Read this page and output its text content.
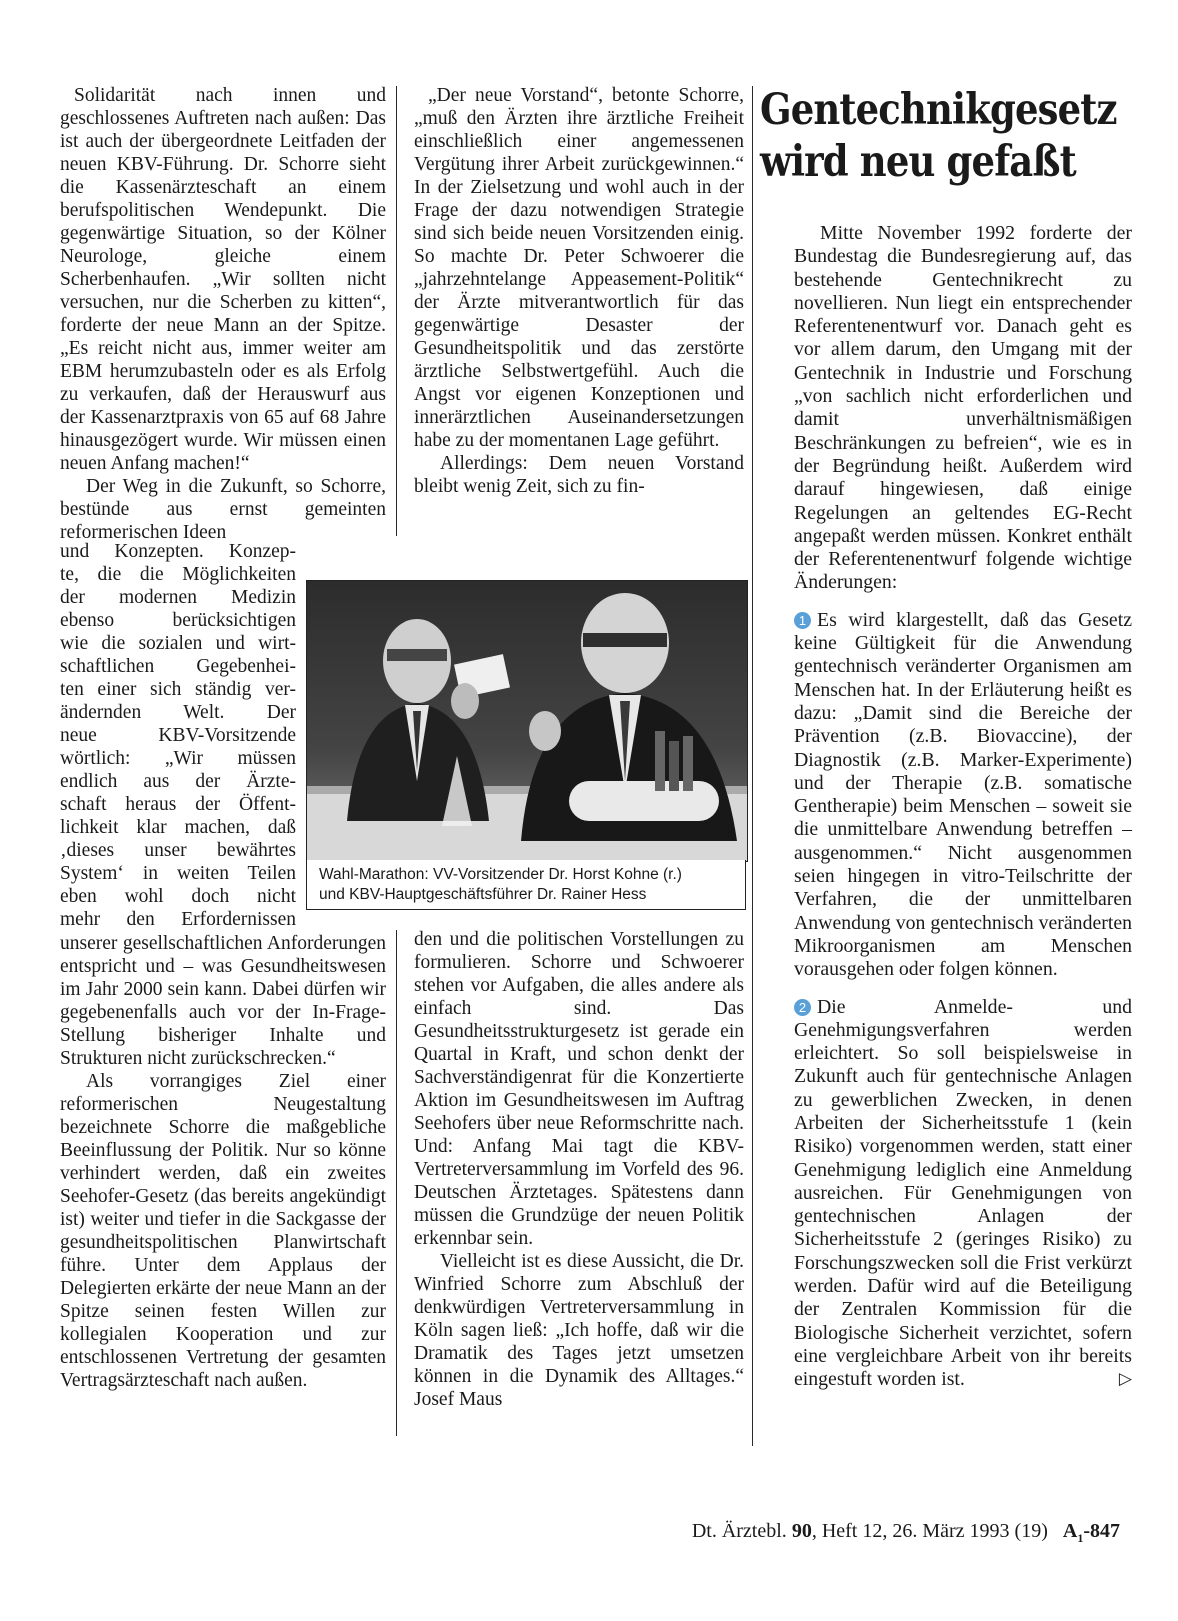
Solidarität nach innen und geschlossenes Auftreten nach außen: Das ist auch der übergeordnete Leitfaden der neuen KBV-Führung. Dr. Schorre sieht die Kassenärzteschaft an einem berufspolitischen Wendepunkt. Die gegenwärtige Situation, so der Kölner Neurologe, gleiche einem Scherbenhaufen. „Wir sollten nicht versuchen, nur die Scherben zu kitten“, forderte der neue Mann an der Spitze. „Es reicht nicht aus, immer weiter am EBM herumzubasteln oder es als Erfolg zu verkaufen, daß der Herauswurf aus der Kassenarztpraxis von 65 auf 68 Jahre hinausgezögert wurde. Wir müssen einen neuen Anfang machen!“

Der Weg in die Zukunft, so Schorre, bestünde aus ernst gemeinten reformerischen Ideen

und Konzepten. Konzep-

te, die die Möglichkeiten

der modernen Medizin

ebenso berücksichtigen

wie die sozialen und wirt-

schaftlichen Gegebenhei-

ten einer sich ständig ver-

ändernden Welt. Der

neue KBV-Vorsitzende

wörtlich: „Wir müssen

endlich aus der Ärzte-

schaft heraus der Öffent-

lichkeit klar machen, daß

‚dieses unser bewährtes

System‘ in weiten Teilen

eben wohl doch nicht

mehr den Erfordernissen

unserer gesellschaftlichen Anforderungen entspricht und – was Gesundheitswesen im Jahr 2000 sein kann. Dabei dürfen wir gegebenenfalls auch vor der In-Frage-Stellung bisheriger Inhalte und Strukturen nicht zurückschrecken.“

Als vorrangiges Ziel einer reformerischen Neugestaltung bezeichnete Schorre die maßgebliche Beeinflussung der Politik. Nur so könne verhindert werden, daß ein zweites Seehofer-Gesetz (das bereits angekündigt ist) weiter und tiefer in die Sackgasse der gesundheitspolitischen Planwirtschaft führe. Unter dem Applaus der Delegierten erkärte der neue Mann an der Spitze seinen festen Willen zur kollegialen Kooperation und zur entschlossenen Vertretung der gesamten Vertragsärzteschaft nach außen.

„Der neue Vorstand“, betonte Schorre, „muß den Ärzten ihre ärztliche Freiheit einschließlich einer angemessenen Vergütung ihrer Arbeit zurückgewinnen.“ In der Zielsetzung und wohl auch in der Frage der dazu notwendigen Strategie sind sich beide neuen Vorsitzenden einig. So machte Dr. Peter Schwoerer die „jahrzehntelange Appeasement-Politik“ der Ärzte mitverantwortlich für das gegenwärtige Desaster der Gesundheitspolitik und das zerstörte ärztliche Selbstwertgefühl. Auch die Angst vor eigenen Konzeptionen und innerärztlichen Auseinandersetzungen habe zu der momentanen Lage geführt.

Allerdings: Dem neuen Vorstand bleibt wenig Zeit, sich zu fin-

den und die politischen Vorstellungen zu formulieren. Schorre und Schwoerer stehen vor Aufgaben, die alles andere als einfach sind. Das Gesundheitsstrukturgesetz ist gerade ein Quartal in Kraft, und schon denkt der Sachverständigenrat für die Konzertierte Aktion im Gesundheitswesen im Auftrag Seehofers über neue Reformschritte nach. Und: Anfang Mai tagt die KBV-Vertreterversammlung im Vorfeld des 96. Deutschen Ärztetages. Spätestens dann müssen die Grundzüge der neuen Politik erkennbar sein.

Vielleicht ist es diese Aussicht, die Dr. Winfried Schorre zum Abschluß der denkwürdigen Vertreterversammlung in Köln sagen ließ: „Ich hoffe, daß wir die Dramatik des Tages jetzt umsetzen können in die Dynamik des Alltages.“ Josef Maus

Wahl-Marathon: VV-Vorsitzender Dr. Horst Kohne (r.)
und KBV-Hauptgeschäftsführer Dr. Rainer Hess
Gentechnikgesetz
wird neu gefaßt

Mitte November 1992 forderte der Bundestag die Bundesregierung auf, das bestehende Gentechnikrecht zu novellieren. Nun liegt ein entsprechender Referentenentwurf vor. Danach geht es vor allem darum, den Umgang mit der Gentechnik in Industrie und Forschung „von sachlich nicht erforderlichen und damit unverhältnismäßigen Beschränkungen zu befreien“, wie es in der Begründung heißt. Außerdem wird darauf hingewiesen, daß einige Regelungen an geltendes EG-Recht angepaßt werden müssen. Konkret enthält der Referentenentwurf folgende wichtige Änderungen:

1 Es wird klargestellt, daß das Gesetz keine Gültigkeit für die Anwendung gentechnisch veränderter Organismen am Menschen hat. In der Erläuterung heißt es dazu: „Damit sind die Bereiche der Prävention (z.B. Biovaccine), der Diagnostik (z.B. Marker-Experimente) und der Therapie (z.B. somatische Gentherapie) beim Menschen – soweit sie die unmittelbare Anwendung betreffen – ausgenommen.“ Nicht ausgenommen seien hingegen in vitro-Teilschritte der Verfahren, die der unmittelbaren Anwendung von gentechnisch veränderten Mikroorganismen am Menschen vorausgehen oder folgen können.

2 Die Anmelde- und Genehmigungsverfahren werden erleichtert. So soll beispielsweise in Zukunft auch für gentechnische Anlagen zu gewerblichen Zwecken, in denen Arbeiten der Sicherheitsstufe 1 (kein Risiko) vorgenommen werden, statt einer Genehmigung lediglich eine Anmeldung ausreichen. Für Genehmigungen von gentechnischen Anlagen der Sicherheitsstufe 2 (geringes Risiko) zu Forschungszwecken soll die Frist verkürzt werden. Dafür wird auf die Beteiligung der Zentralen Kommission für die Biologische Sicherheit verzichtet, sofern eine vergleichbare Arbeit von ihr bereits eingestuft worden ist.	▷

Dt. Ärztebl. 90, Heft 12, 26. März 1993 (19) $A_1-847$
